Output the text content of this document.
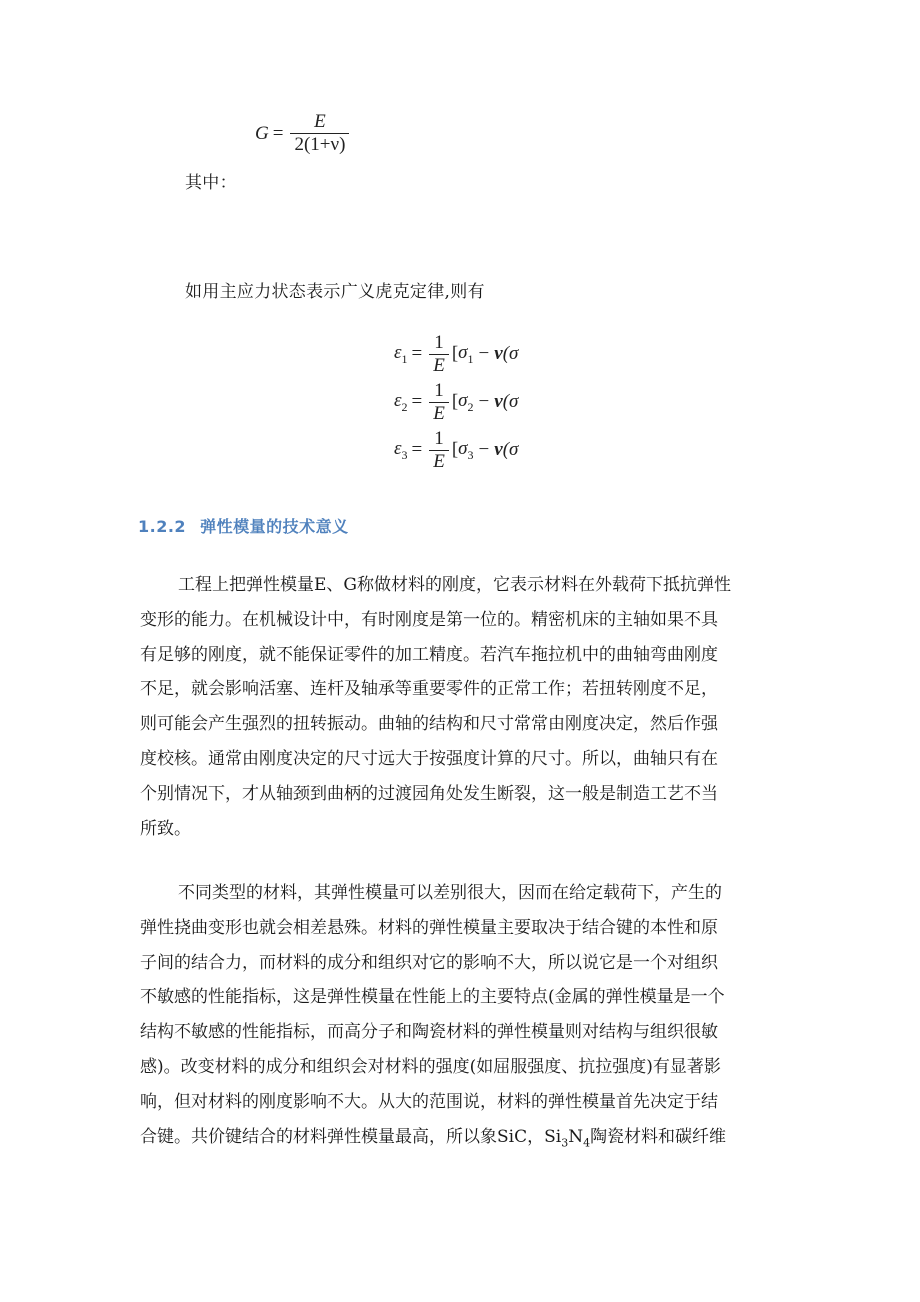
$G = \frac{E}{2(1+\nu)}$
其中：
如用主应力状态表示广义虎克定律,则有
$\varepsilon_1 = \frac{1}{E}$ [ $\sigma_1 - \nu$ (σ
$\varepsilon_2 = \frac{1}{E}$ [ $\sigma_2 - \nu$ (σ
$\varepsilon_3 = \frac{1}{E}$ [ $\sigma_3 - \nu$ (σ
1.2.2 弹性模量的技术意义
工程上把弹性模量E、G称做材料的刚度，它表示材料在外载荷下抵抗弹性
变形的能力。在机械设计中，有时刚度是第一位的。精密机床的主轴如果不具
有足够的刚度，就不能保证零件的加工精度。若汽车拖拉机中的曲轴弯曲刚度
不足，就会影响活塞、连杆及轴承等重要零件的正常工作；若扭转刚度不足，
则可能会产生强烈的扭转振动。曲轴的结构和尺寸常常由刚度决定，然后作强
度校核。通常由刚度决定的尺寸远大于按强度计算的尺寸。所以，曲轴只有在
个别情况下，才从轴颈到曲柄的过渡园角处发生断裂，这一般是制造工艺不当
所致。
不同类型的材料，其弹性模量可以差别很大，因而在给定载荷下，产生的
弹性挠曲变形也就会相差悬殊。材料的弹性模量主要取决于结合键的本性和原
子间的结合力，而材料的成分和组织对它的影响不大，所以说它是一个对组织
不敏感的性能指标，这是弹性模量在性能上的主要特点(金属的弹性模量是一个
结构不敏感的性能指标，而高分子和陶瓷材料的弹性模量则对结构与组织很敏
感)。改变材料的成分和组织会对材料的强度(如屈服强度、抗拉强度)有显著影
响，但对材料的刚度影响不大。从大的范围说，材料的弹性模量首先决定于结
合键。共价键结合的材料弹性模量最高，所以象SiC，$Si_3N_4$陶瓷材料和碳纤维
